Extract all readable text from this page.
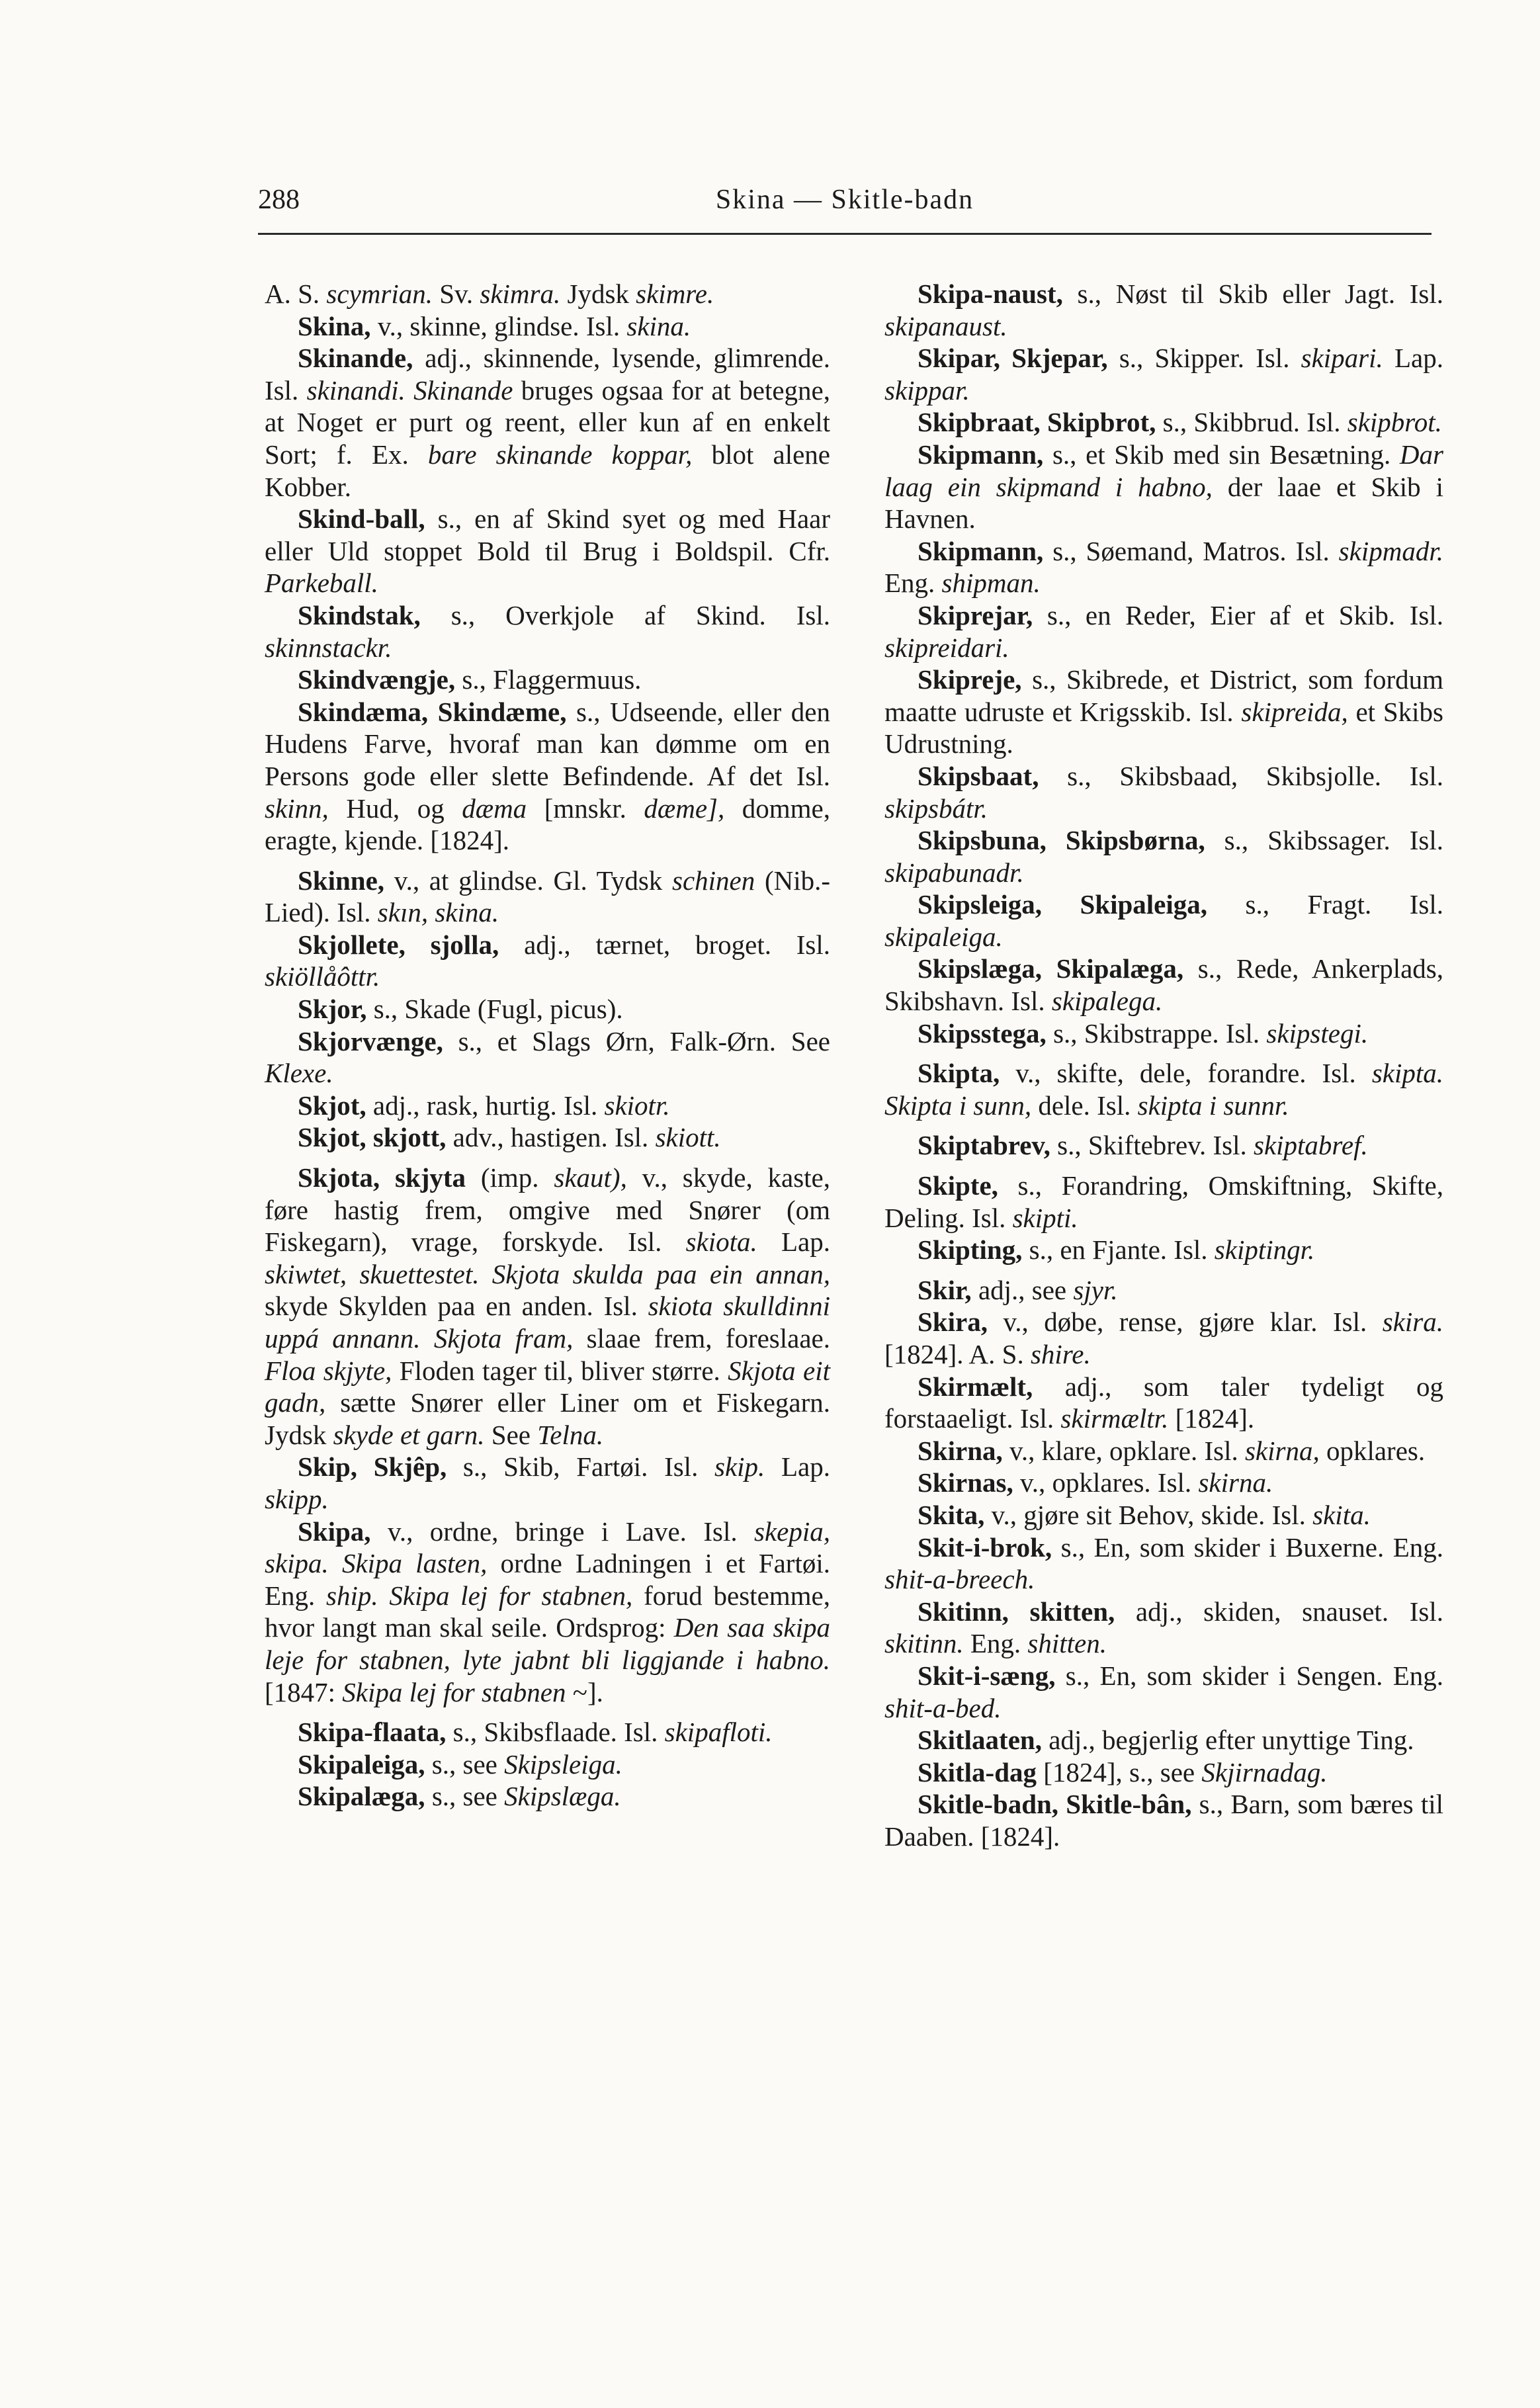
288	Skina — Skitle-badn

A. S. scymrian. Sv. skimra. Jydsk skimre.

Skina, v., skinne, glindse. Isl. skina.

Skinande, adj., skinnende, lysende, glimrende. Isl. skinandi. Skinande bruges ogsaa for at betegne, at Noget er purt og reent, eller kun af en enkelt Sort; f. Ex. bare skinande koppar, blot alene Kobber.

Skind-ball, s., en af Skind syet og med Haar eller Uld stoppet Bold til Brug i Boldspil. Cfr. Parkeball.

Skindstak, s., Overkjole af Skind. Isl. skinnstackr.

Skindvængje, s., Flaggermuus.

Skindæma, Skindæme, s., Udseende, eller den Hudens Farve, hvoraf man kan dømme om en Persons gode eller slette Befindende. Af det Isl. skinn, Hud, og dæma [mnskr. dæme], domme, eragte, kjende. [1824].

Skinne, v., at glindse. Gl. Tydsk schinen (Nib.-Lied). Isl. skın, skina.

Skjollete, sjolla, adj., tærnet, broget. Isl. skiöllåôttr.

Skjor, s., Skade (Fugl, picus).

Skjorvænge, s., et Slags Ørn, Falk-Ørn. See Klexe.

Skjot, adj., rask, hurtig. Isl. skiotr.

Skjot, skjott, adv., hastigen. Isl. skiott.

Skjota, skjyta (imp. skaut), v., skyde, kaste, føre hastig frem, omgive med Snører (om Fiskegarn), vrage, forskyde. Isl. skiota. Lap. skiwtet, skuettestet. Skjota skulda paa ein annan, skyde Skylden paa en anden. Isl. skiota skulldinni uppá annann. Skjota fram, slaae frem, foreslaae. Floa skjyte, Floden tager til, bliver større. Skjota eit gadn, sætte Snører eller Liner om et Fiskegarn. Jydsk skyde et garn. See Telna.

Skip, Skjêp, s., Skib, Fartøi. Isl. skip. Lap. skipp.

Skipa, v., ordne, bringe i Lave. Isl. skepia, skipa. Skipa lasten, ordne Ladningen i et Fartøi. Eng. ship. Skipa lej for stabnen, forud bestemme, hvor langt man skal seile. Ordsprog: Den saa skipa leje for stabnen, lyte jabnt bli liggjande i habno. [1847: Skipa lej for stabnen ~].

Skipa-flaata, s., Skibsflaade. Isl. skipafloti.

Skipaleiga, s., see Skipsleiga.

Skipalæga, s., see Skipslæga.

Skipa-naust, s., Nøst til Skib eller Jagt. Isl. skipanaust.

Skipar, Skjepar, s., Skipper. Isl. skipari. Lap. skippar.

Skipbraat, Skipbrot, s., Skibbrud. Isl. skipbrot.

Skipmann, s., et Skib med sin Besætning. Dar laag ein skipmand i habno, der laae et Skib i Havnen.

Skipmann, s., Søemand, Matros. Isl. skipmadr. Eng. shipman.

Skiprejar, s., en Reder, Eier af et Skib. Isl. skipreidari.

Skipreje, s., Skibrede, et District, som fordum maatte udruste et Krigsskib. Isl. skipreida, et Skibs Udrustning.

Skipsbaat, s., Skibsbaad, Skibsjolle. Isl. skipsbátr.

Skipsbuna, Skipsbørna, s., Skibssager. Isl. skipabunadr.

Skipsleiga, Skipaleiga, s., Fragt. Isl. skipaleiga.

Skipslæga, Skipalæga, s., Rede, Ankerplads, Skibshavn. Isl. skipalega.

Skipsstega, s., Skibstrappe. Isl. skipstegi.

Skipta, v., skifte, dele, forandre. Isl. skipta. Skipta i sunn, dele. Isl. skipta i sunnr.

Skiptabrev, s., Skiftebrev. Isl. skiptabref.

Skipte, s., Forandring, Omskiftning, Skifte, Deling. Isl. skipti.

Skipting, s., en Fjante. Isl. skiptingr.

Skir, adj., see sjyr.

Skira, v., døbe, rense, gjøre klar. Isl. skira. [1824]. A. S. shire.

Skirmælt, adj., som taler tydeligt og forstaaeligt. Isl. skirmæltr. [1824].

Skirna, v., klare, opklare. Isl. skirna, opklares.

Skirnas, v., opklares. Isl. skirna.

Skita, v., gjøre sit Behov, skide. Isl. skita.

Skit-i-brok, s., En, som skider i Buxerne. Eng. shit-a-breech.

Skitinn, skitten, adj., skiden, snauset. Isl. skitinn. Eng. shitten.

Skit-i-sæng, s., En, som skider i Sengen. Eng. shit-a-bed.

Skitlaaten, adj., begjerlig efter unyttige Ting.

Skitla-dag [1824], s., see Skjirnadag.

Skitle-badn, Skitle-bân, s., Barn, som bæres til Daaben. [1824].
